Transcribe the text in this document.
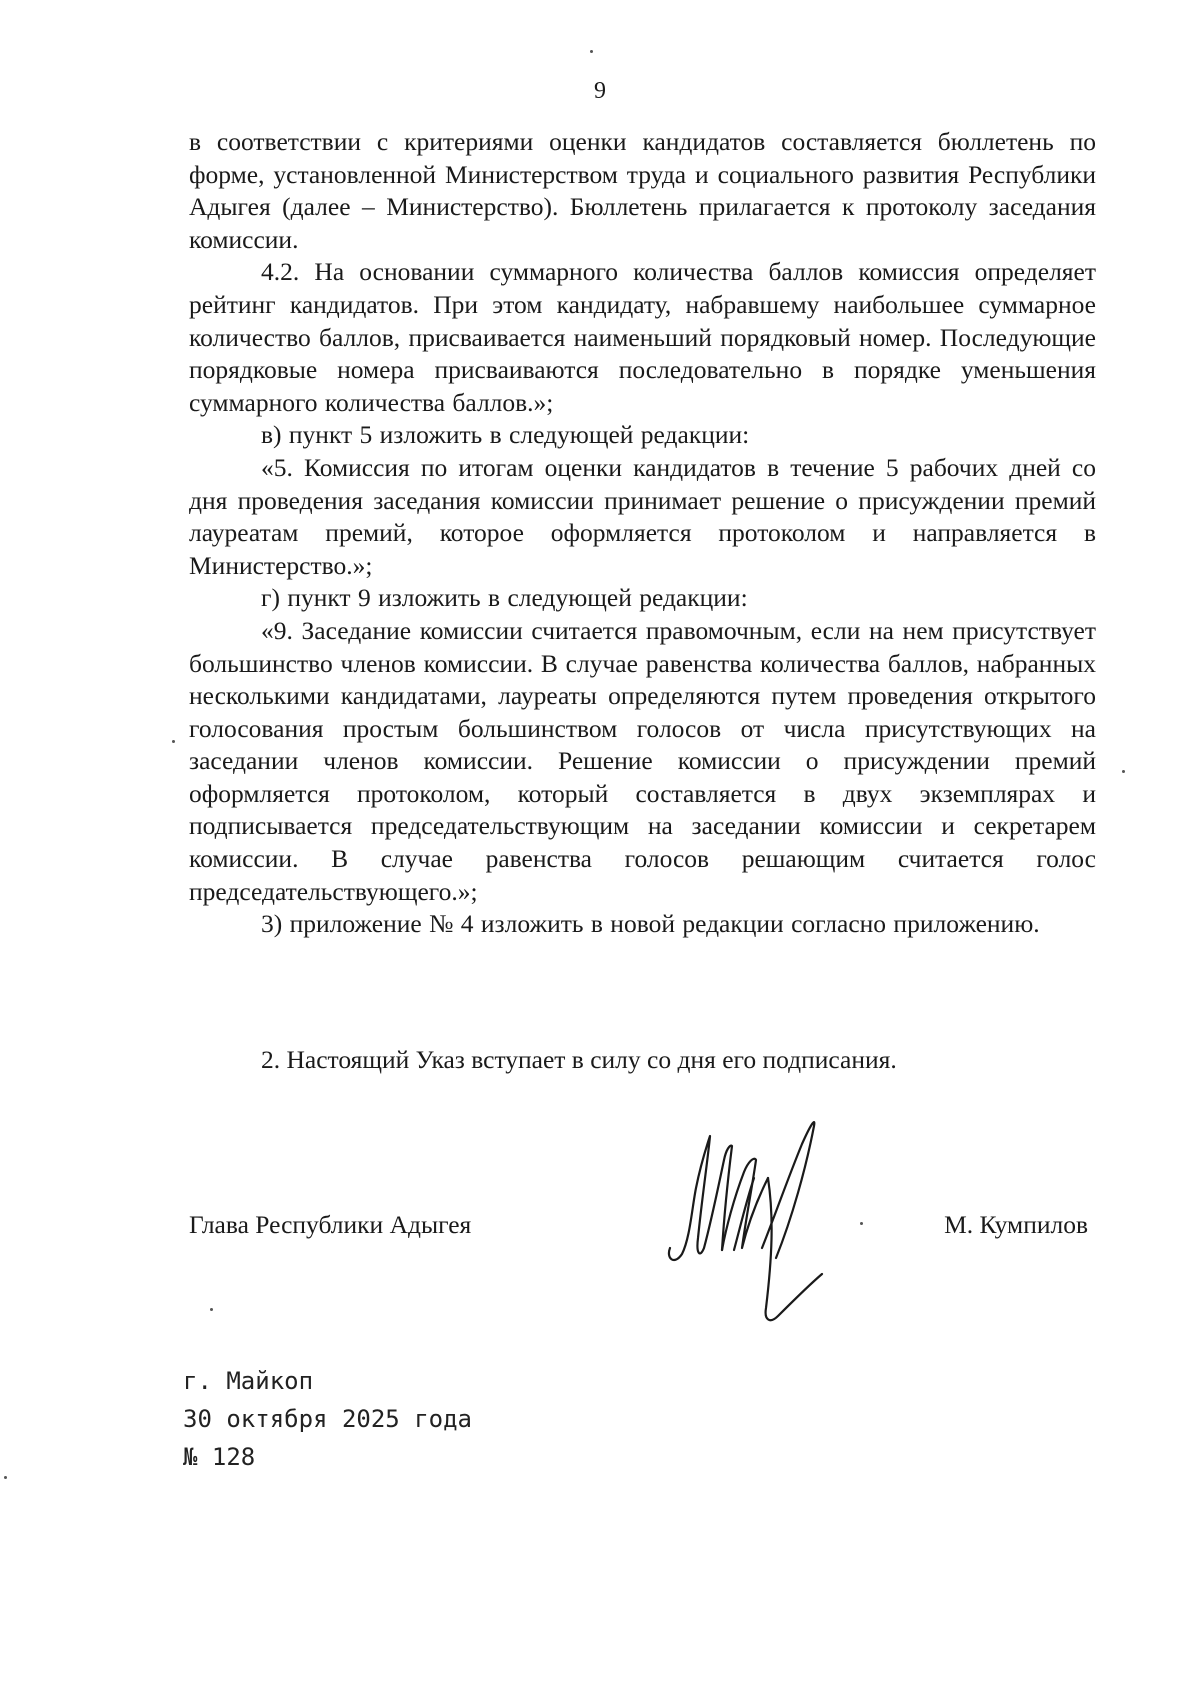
9

в соответствии с критериями оценки кандидатов составляется бюллетень по форме, установленной Министерством труда и социального развития Республики Адыгея (далее – Министерство). Бюллетень прилагается к протоколу заседания комиссии.

4.2. На основании суммарного количества баллов комиссия определяет рейтинг кандидатов. При этом кандидату, набравшему наибольшее суммарное количество баллов, присваивается наименьший порядковый номер. Последующие порядковые номера присваиваются последовательно в порядке уменьшения суммарного количества баллов.»;

в) пункт 5 изложить в следующей редакции:

«5. Комиссия по итогам оценки кандидатов в течение 5 рабочих дней со дня проведения заседания комиссии принимает решение о присуждении премий лауреатам премий, которое оформляется протоколом и направляется в Министерство.»;

г) пункт 9 изложить в следующей редакции:

«9. Заседание комиссии считается правомочным, если на нем присутствует большинство членов комиссии. В случае равенства количества баллов, набранных несколькими кандидатами, лауреаты определяются путем проведения открытого голосования простым большинством голосов от числа присутствующих на заседании членов комиссии. Решение комиссии о присуждении премий оформляется протоколом, который составляется в двух экземплярах и подписывается председательствующим на заседании комиссии и секретарем комиссии. В случае равенства голосов решающим считается голос председательствующего.»;

3) приложение № 4 изложить в новой редакции согласно приложению.

2. Настоящий Указ вступает в силу со дня его подписания.

Глава Республики Адыгея	М. Кумпилов
г. Майкоп
30 октября 2025 года
№ 128
